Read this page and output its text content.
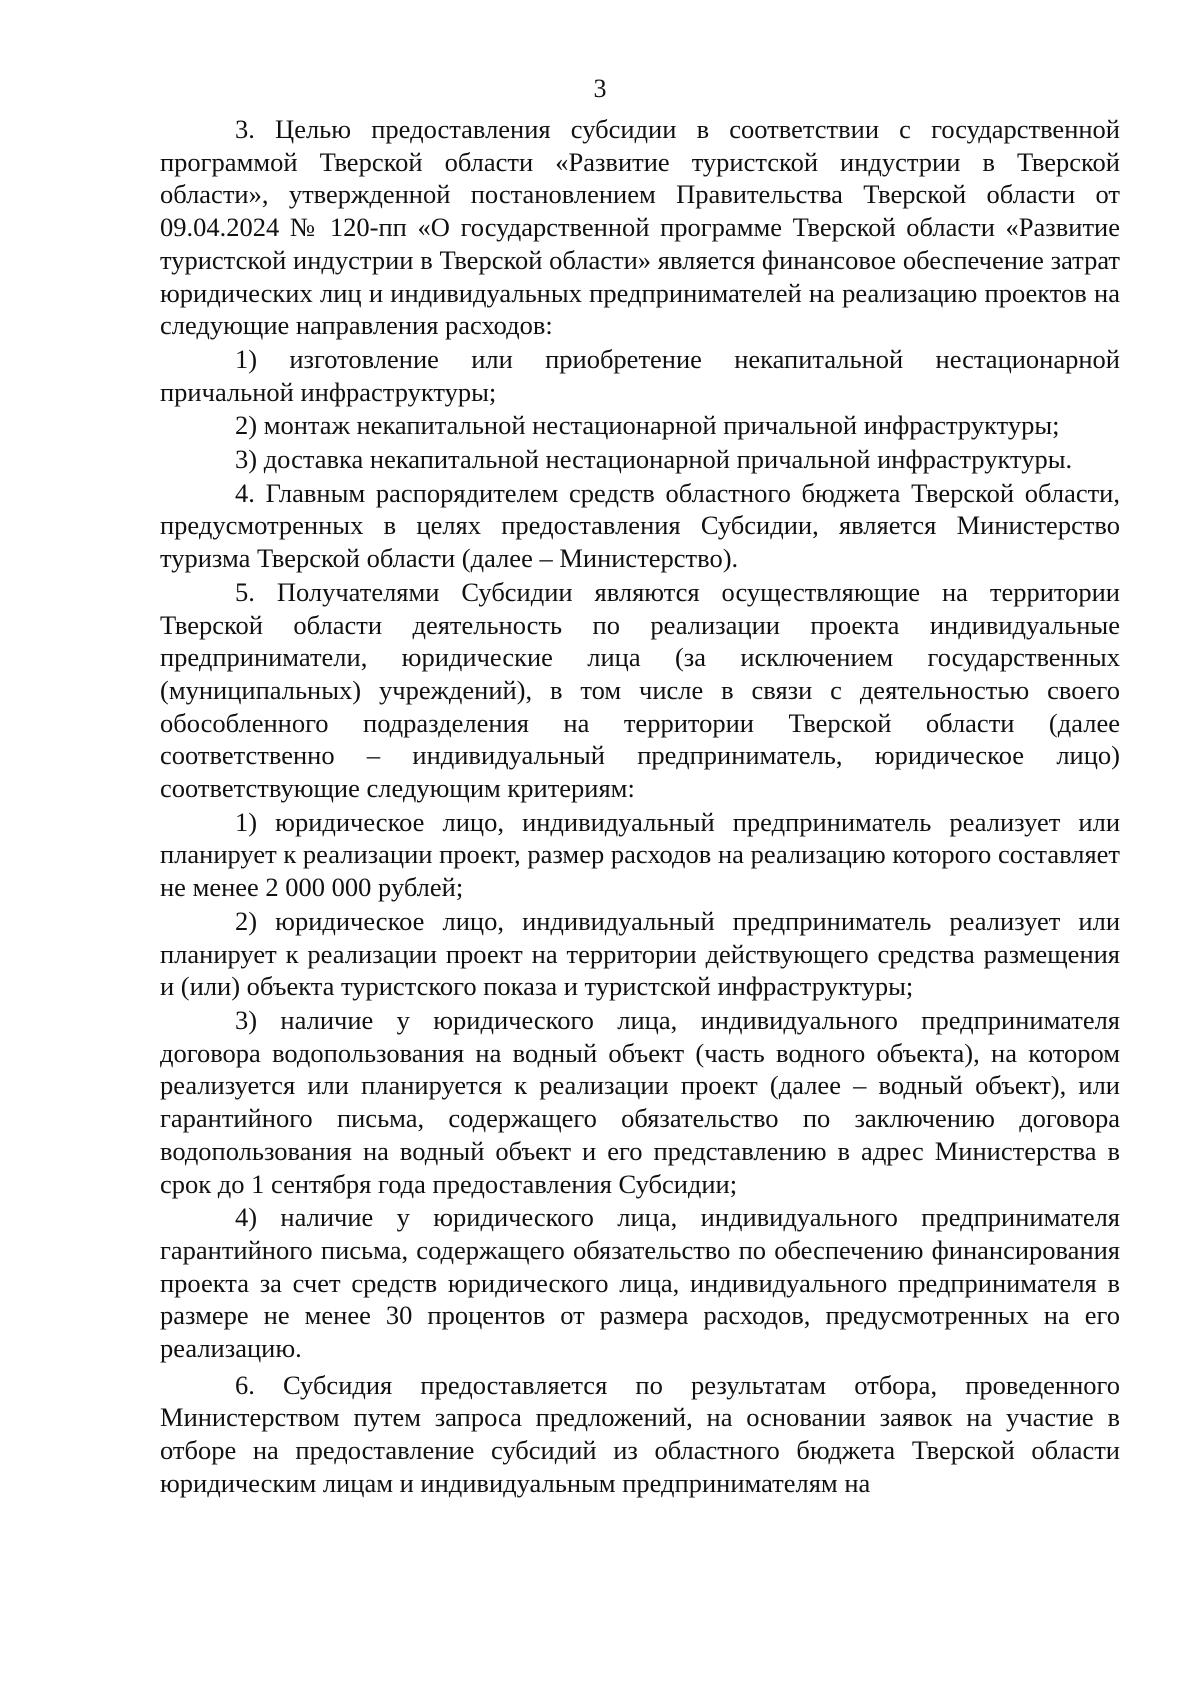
3

3. Целью предоставления субсидии в соответствии с государственной программой Тверской области «Развитие туристской индустрии в Тверской области», утвержденной постановлением Правительства Тверской области от 09.04.2024 № 120-пп «О государственной программе Тверской области «Развитие туристской индустрии в Тверской области» является финансовое обеспечение затрат юридических лиц и индивидуальных предпринимателей на реализацию проектов на следующие направления расходов:

1) изготовление или приобретение некапитальной нестационарной причальной инфраструктуры;

2) монтаж некапитальной нестационарной причальной инфраструктуры;

3) доставка некапитальной нестационарной причальной инфраструктуры.

4. Главным распорядителем средств областного бюджета Тверской области, предусмотренных в целях предоставления Субсидии, является Министерство туризма Тверской области (далее – Министерство).

5. Получателями Субсидии являются осуществляющие на территории Тверской области деятельность по реализации проекта индивидуальные предприниматели, юридические лица (за исключением государственных (муниципальных) учреждений), в том числе в связи с деятельностью своего обособленного подразделения на территории Тверской области (далее соответственно – индивидуальный предприниматель, юридическое лицо) соответствующие следующим критериям:

1) юридическое лицо, индивидуальный предприниматель реализует или планирует к реализации проект, размер расходов на реализацию которого составляет не менее 2 000 000 рублей;

2) юридическое лицо, индивидуальный предприниматель реализует или планирует к реализации проект на территории действующего средства размещения и (или) объекта туристского показа и туристской инфраструктуры;

3) наличие у юридического лица, индивидуального предпринимателя договора водопользования на водный объект (часть водного объекта), на котором реализуется или планируется к реализации проект (далее – водный объект), или гарантийного письма, содержащего обязательство по заключению договора водопользования на водный объект и его представлению в адрес Министерства в срок до 1 сентября года предоставления Субсидии;

4) наличие у юридического лица, индивидуального предпринимателя гарантийного письма, содержащего обязательство по обеспечению финансирования проекта за счет средств юридического лица, индивидуального предпринимателя в размере не менее 30 процентов от размера расходов, предусмотренных на его реализацию.

6. Субсидия предоставляется по результатам отбора, проведенного Министерством путем запроса предложений, на основании заявок на участие в отборе на предоставление субсидий из областного бюджета Тверской области юридическим лицам и индивидуальным предпринимателям на
